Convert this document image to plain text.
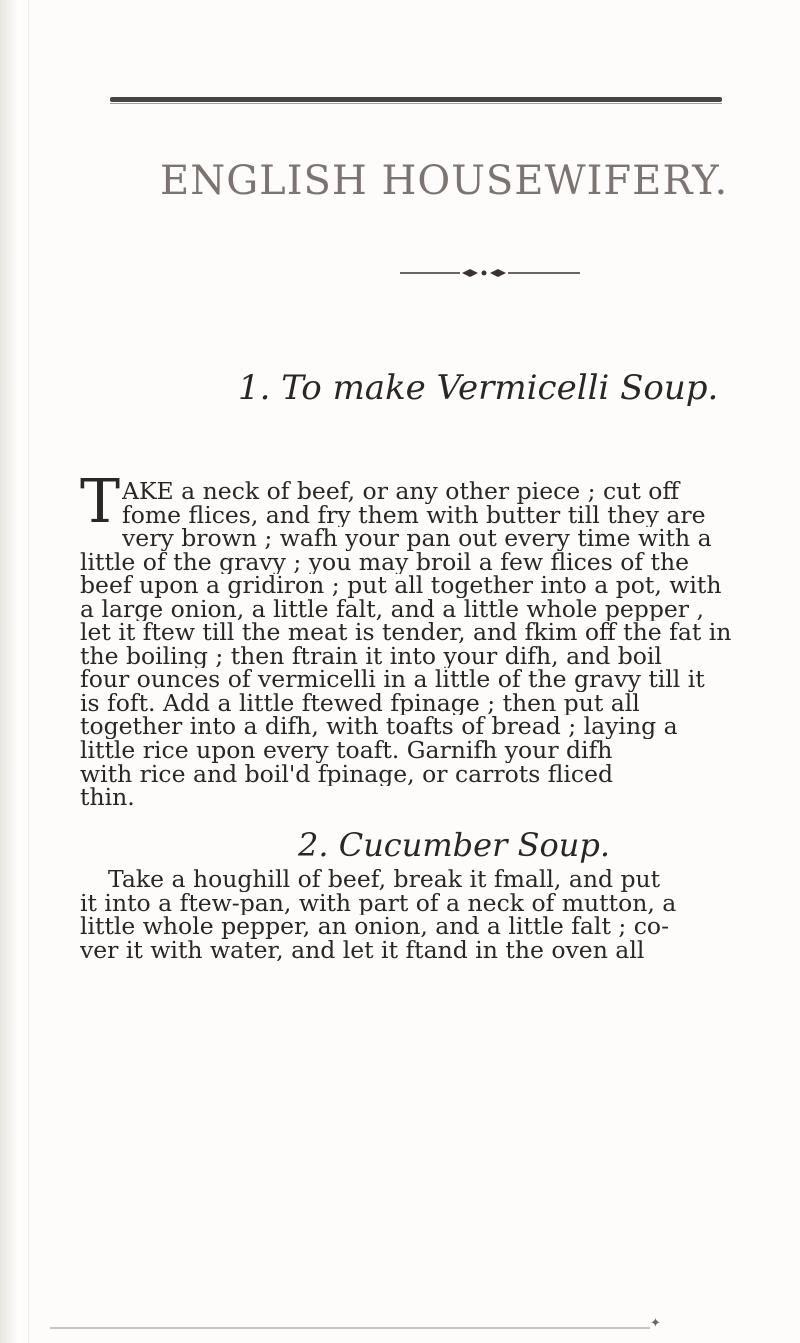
ENGLISH HOUSEWIFERY.
1. To make Vermicelli Soup.
T AKE a neck of beef, or any other piece ; cut off
fome flices, and fry them with butter till they are
very brown ; wafh your pan out every time with a
little of the gravy ; you may broil a few flices of the
beef upon a gridiron ; put all together into a pot, with
a large onion, a little falt, and a little whole pepper ,
let it ftew till the meat is tender, and fkim off the fat in
the boiling ; then ftrain it into your difh, and boil
four ounces of vermicelli in a little of the gravy till it
is foft. Add a little ftewed fpinage ; then put all
together into a difh, with toafts of bread ; laying a
little rice upon every toaft. Garnifh your difh
with rice and boil'd fpinage, or carrots fliced
thin.
2. Cucumber Soup.
Take a houghill of beef, break it fmall, and put
it into a ftew-pan, with part of a neck of mutton, a
little whole pepper, an onion, and a little falt ; co-
ver it with water, and let it ftand in the oven all
✦
